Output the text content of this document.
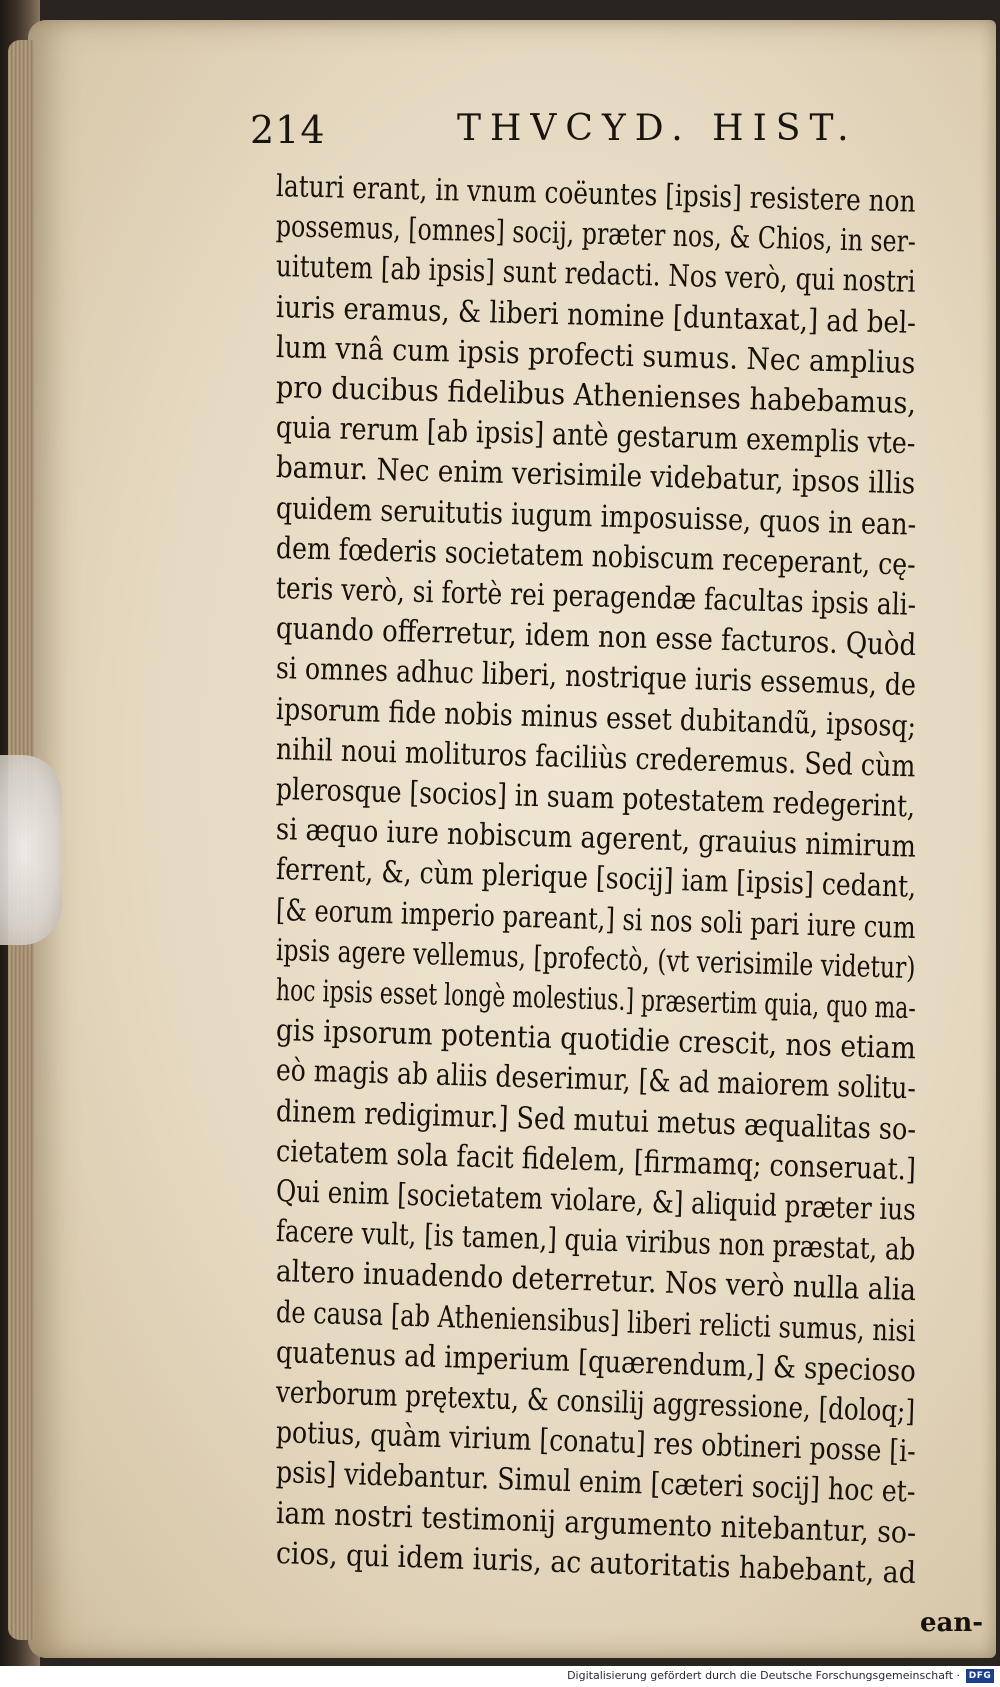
214	THVCYD. HIST.
laturi erant, in vnum coëuntes [ipsis] resistere non
possemus, [omnes] socij, præter nos, & Chios, in ser-
uitutem [ab ipsis] sunt redacti. Nos verò, qui nostri
iuris eramus, & liberi nomine [duntaxat,] ad bel-
lum vnâ cum ipsis profecti sumus. Nec amplius
pro ducibus fidelibus Athenienses habebamus,
quia rerum [ab ipsis] antè gestarum exemplis vte-
bamur. Nec enim verisimile videbatur, ipsos illis
quidem seruitutis iugum imposuisse, quos in ean-
dem fœderis societatem nobiscum receperant, cę-
teris verò, si fortè rei peragendæ facultas ipsis ali-
quando offerretur, idem non esse facturos. Quòd
si omnes adhuc liberi, nostrique iuris essemus, de
ipsorum fide nobis minus esset dubitandũ, ipsosq;
nihil noui molituros faciliùs crederemus. Sed cùm
plerosque [socios] in suam potestatem redegerint,
si æquo iure nobiscum agerent, grauius nimirum
ferrent, &, cùm plerique [socij] iam [ipsis] cedant,
[& eorum imperio pareant,] si nos soli pari iure cum
ipsis agere vellemus, [profectò, (vt verisimile videtur)
hoc ipsis esset longè molestius.] præsertim quia, quo ma-
gis ipsorum potentia quotidie crescit, nos etiam
eò magis ab aliis deserimur, [& ad maiorem solitu-
dinem redigimur.] Sed mutui metus æqualitas so-
cietatem sola facit fidelem, [firmamq; conseruat.]
Qui enim [societatem violare, &] aliquid præter ius
facere vult, [is tamen,] quia viribus non præstat, ab
altero inuadendo deterretur. Nos verò nulla alia
de causa [ab Atheniensibus] liberi relicti sumus, nisi
quatenus ad imperium [quærendum,] & specioso
verborum prętextu, & consilij aggressione, [doloq;]
potius, quàm virium [conatu] res obtineri posse [i-
psis] videbantur. Simul enim [cæteri socij] hoc et-
iam nostri testimonij argumento nitebantur, so-
cios, qui idem iuris, ac autoritatis habebant, ad
ean-
Digitalisierung gefördert durch die Deutsche Forschungsgemeinschaft · DFG
